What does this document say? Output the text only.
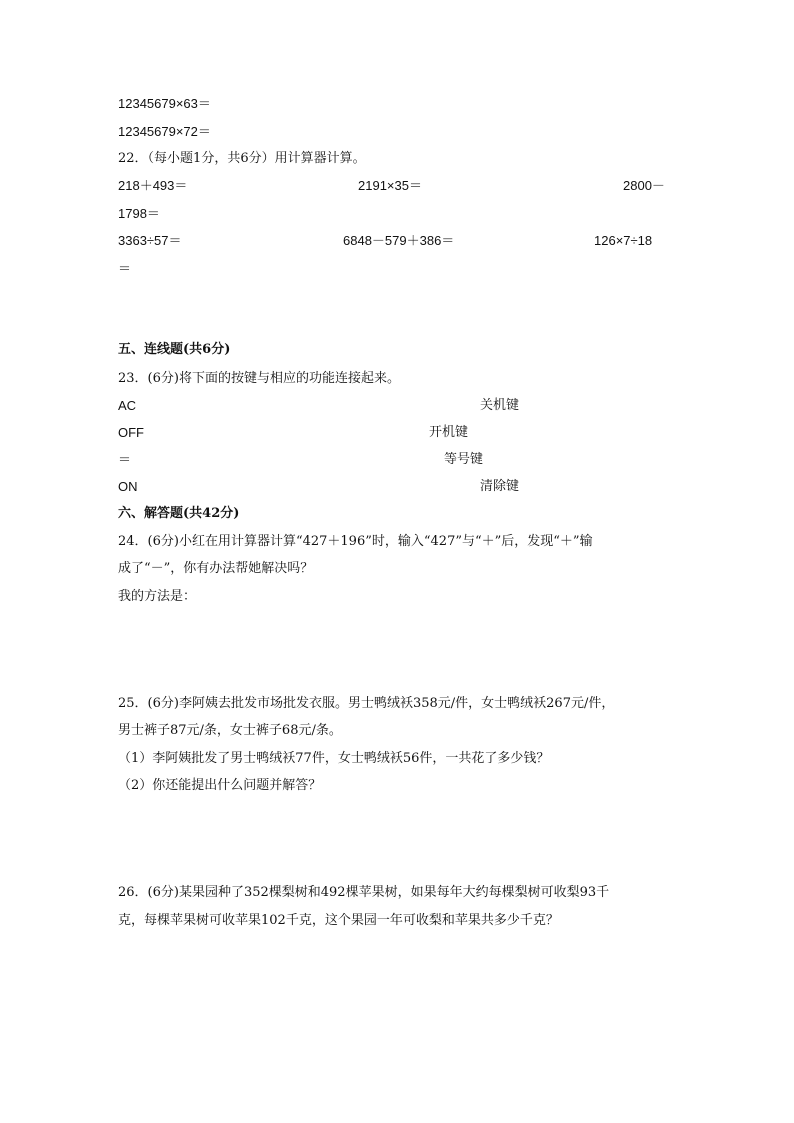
12345679×63＝
12345679×72＝
22．（每小题1分，共6分）用计算器计算。
218＋493＝	2191×35＝	2800－
1798＝
3363÷57＝	6848－579＋386＝	126×7÷18
＝
五、连线题(共6分)
23．(6分)将下面的按键与相应的功能连接起来。
AC	关机键
OFF	开机键
＝	等号键
ON	清除键
六、解答题(共42分)
24．(6分)小红在用计算器计算“427＋196”时，输入“427”与“＋”后，发现“＋”输
成了“－”，你有办法帮她解决吗？
我的方法是：
25．(6分)李阿姨去批发市场批发衣服。男士鸭绒袄358元/件，女士鸭绒袄267元/件，
男士裤子87元/条，女士裤子68元/条。
（1）李阿姨批发了男士鸭绒袄77件，女士鸭绒袄56件，一共花了多少钱？
（2）你还能提出什么问题并解答？
26．(6分)某果园种了352棵梨树和492棵苹果树，如果每年大约每棵梨树可收梨93千
克，每棵苹果树可收苹果102千克，这个果园一年可收梨和苹果共多少千克？
